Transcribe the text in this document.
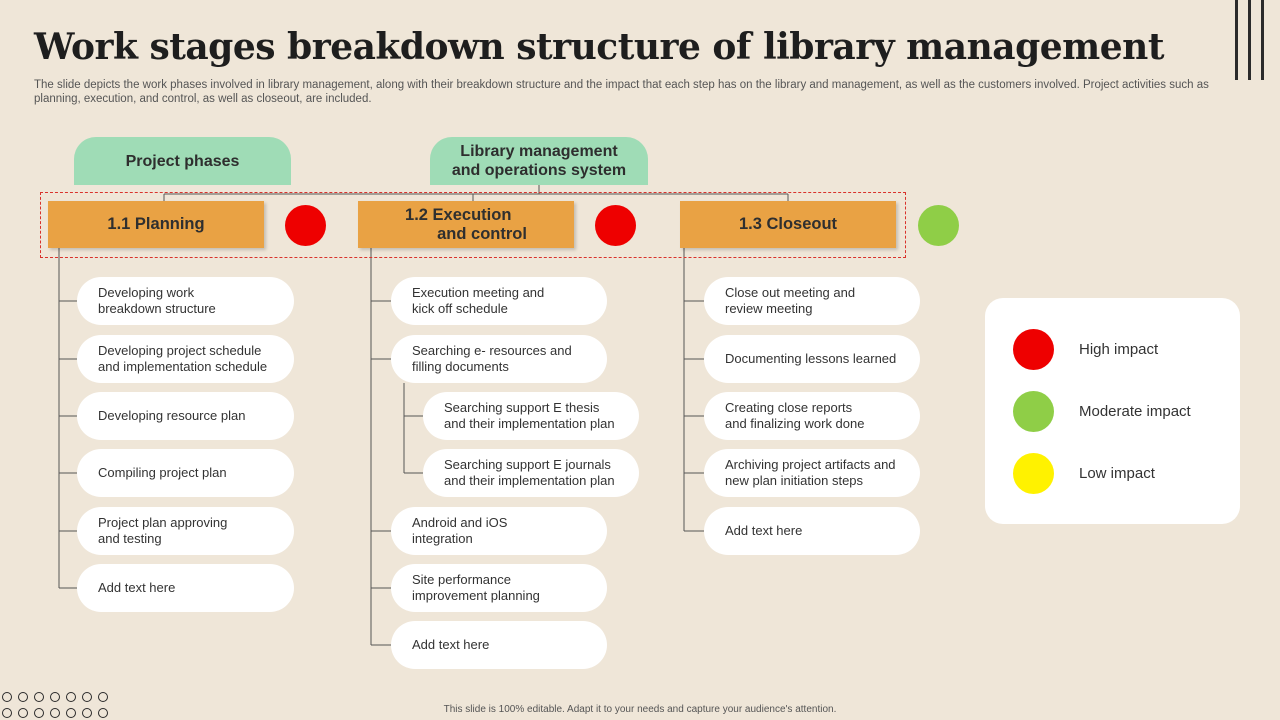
Work stages breakdown structure of library management

The slide depicts the work phases involved in library management, along with their breakdown structure and the impact that each step has on the library and management, as well as the customers involved. Project activities such as planning, execution, and control, as well as closeout, are included.

Project phases
Library management
and operations system
1.1 Planning
1.2 Execution
and control
1.3 Closeout
Developing work
breakdown structure
Developing project schedule
and implementation schedule
Developing resource plan
Compiling project plan
Project plan approving
and testing
Add text here
Execution meeting and
kick off schedule
Searching e- resources and
filling documents
Searching support E thesis
and their implementation plan
Searching support E journals
and their implementation plan
Android and iOS
integration
Site performance
improvement planning
Add text here
Close out meeting and
review meeting
Documenting lessons learned
Creating close reports
and finalizing work done
Archiving project artifacts and
new plan initiation steps
Add text here
High impact
Moderate impact
Low impact
This slide is 100% editable. Adapt it to your needs and capture your audience's attention.
